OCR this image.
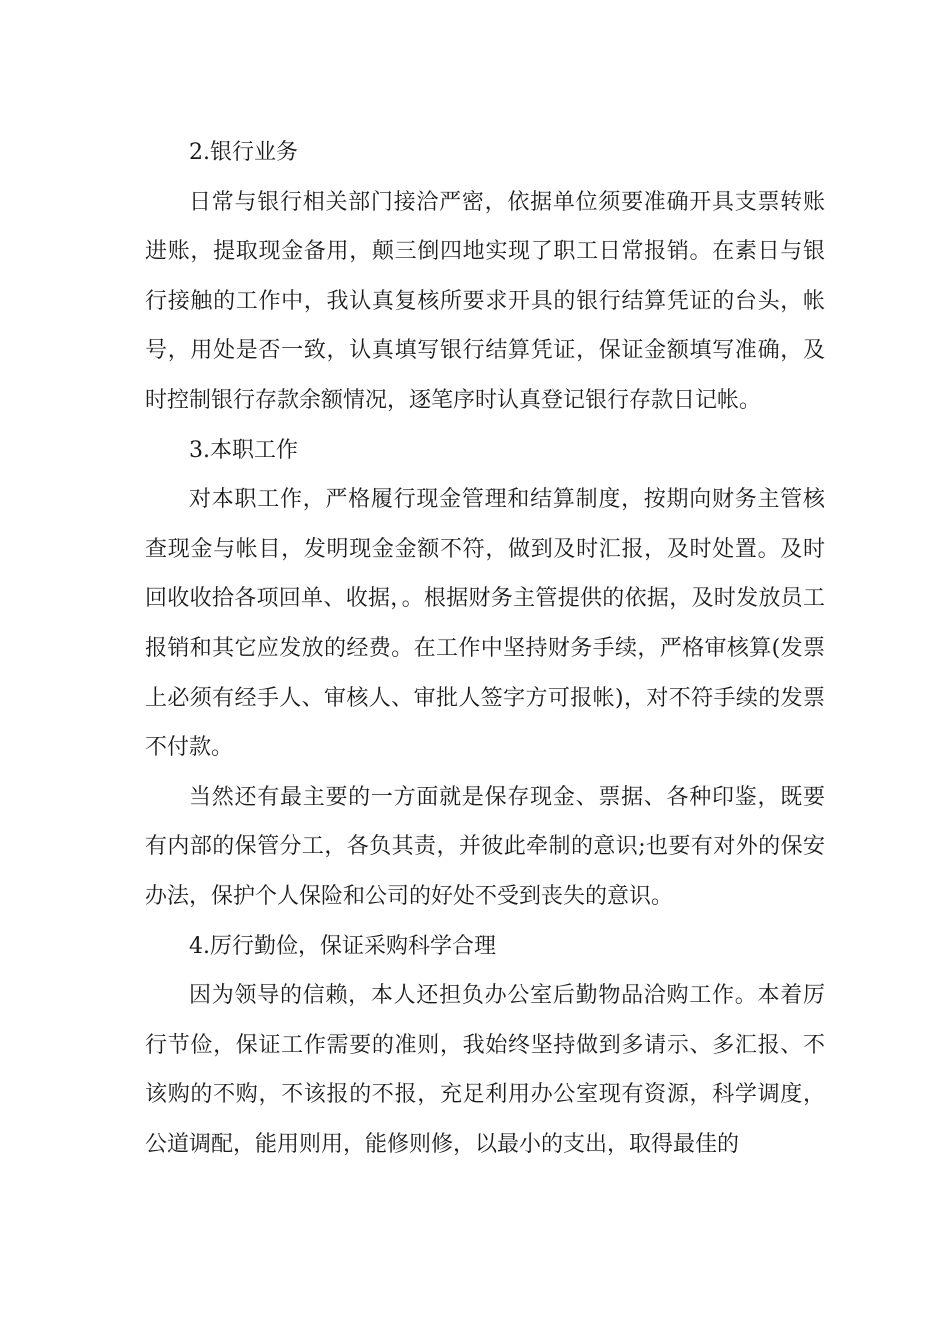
2.银行业务
日常与银行相关部门接洽严密，依据单位须要准确开具支票转账进账，提取现金备用，颠三倒四地实现了职工日常报销。在素日与银行接触的工作中，我认真复核所要求开具的银行结算凭证的台头，帐号，用处是否一致，认真填写银行结算凭证，保证金额填写准确，及时控制银行存款余额情况，逐笔序时认真登记银行存款日记帐。
3.本职工作
对本职工作，严格履行现金管理和结算制度，按期向财务主管核查现金与帐目，发明现金金额不符，做到及时汇报，及时处置。及时回收收拾各项回单、收据，。根据财务主管提供的依据，及时发放员工报销和其它应发放的经费。在工作中坚持财务手续，严格审核算(发票上必须有经手人、审核人、审批人签字方可报帐)，对不符手续的发票不付款。
当然还有最主要的一方面就是保存现金、票据、各种印鉴，既要有内部的保管分工，各负其责，并彼此牵制的意识;也要有对外的保安办法，保护个人保险和公司的好处不受到丧失的意识。
4.厉行勤俭，保证采购科学合理
因为领导的信赖，本人还担负办公室后勤物品洽购工作。本着厉行节俭，保证工作需要的准则，我始终坚持做到多请示、多汇报、不该购的不购，不该报的不报，充足利用办公室现有资源，科学调度，公道调配，能用则用，能修则修，以最小的支出，取得最佳的
